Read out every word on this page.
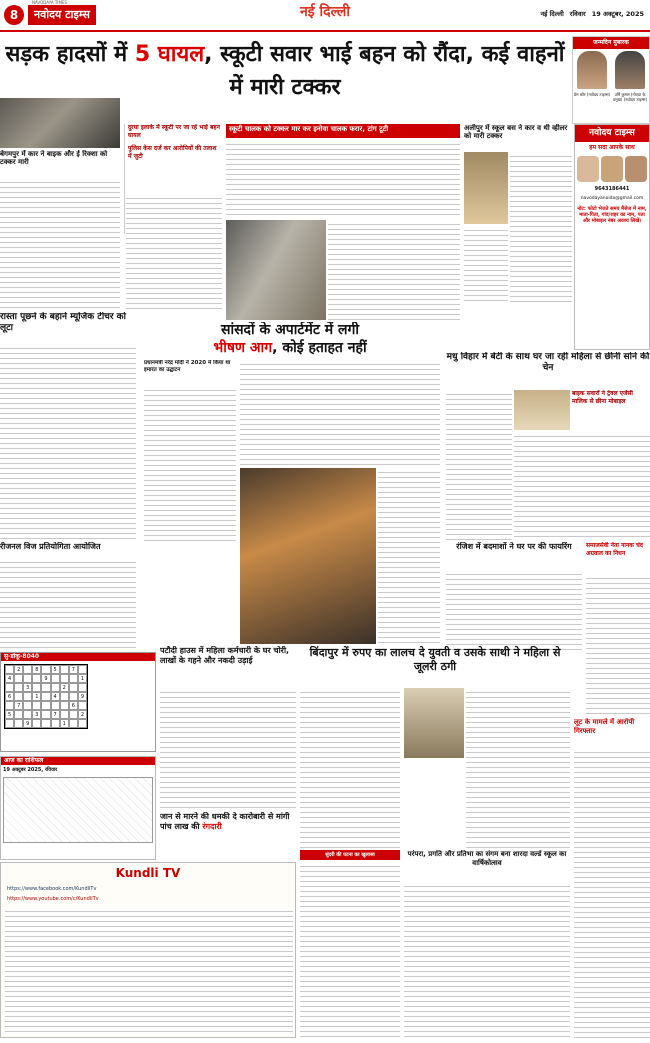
8
NAVODAYA TIMES
नवोदय टाइम्स	नई दिल्ली	नई दिल्ली रविवार 19 अक्टूबर, 2025
सड़क हादसों में 5 घायल, स्कूटी सवार भाई बहन को रौंदा, कई वाहनों में मारी टक्कर
जन्मदिन मुबारक
प्रेम कौर (नवोदय टाइम्स)	उर्मि कुमार (नोएडा के प्रमुख) (नवोदय टाइम्स)
बेगमपुर में कार ने बाइक और ई रिक्शा को टक्कर मारी
दुरघा इलाके में स्कूटी पर जा रहे भाई बहन घायल
पुलिस केस दर्ज कर आरोपियों की तलाश में जुटी
स्कूटी चालक को टक्कर मार कर इनोवा चालक फरार, टांग टूटी	अलीपुर में स्कूल बस ने कार व थी व्हीलर को मारी टक्कर	नवोदय टाइम्स
हम सदा आपके साथ
9643186441
navodayanoida@gmail.com
नोट: फोटो भेजते समय मैसेज में नाम, माता-पिता, गांव/शहर का नाम, पता और मोबाइल नंबर अवश्य लिखें।
रास्ता पूछने के बहाने म्यूजिक टीचर को लूटा	सांसदों के अपार्टमेंट में लगी
भीषण आग, कोई हताहत नहीं
प्रधानमंत्री नरेंद्र मोदी ने 2020 में किया था
इमारत का उद्घाटन
मधु विहार में बेटी के साथ घर जा रही महिला से छीनी सोने की चेन
बाइक सवारों ने ट्रेवल एजेंसी मालिक से छीना मोबाइल
रंजिश में बदमाशों ने घर पर की फायरिंग	समाजसेवी नेता नानक चंद अग्रवाल का निधन
रीजनल विज प्रतियोगिता आयोजित
सु-डोकू-8040
2	8	5	7
4	9	1
3	2
6	1	4	9
7	6
5	3	7	2
9	1
पटौदी हाउस में महिला कर्मचारी के घर चोरी, लाखों के गहने और नकदी उड़ाई
बिंदापुर में रुपए का लालच दे युवती व उसके साथी ने महिला से जूलरी ठगी
लूट के मामले में आरोपी गिरफ्तार
आज का राशिफल
19 अक्टूबर 2025, रविवार
Kundli TV
https://www.facebook.com/KundliTv
https://www.youtube.com/c/KundliTv
जान से मारने की धमकी दे कारोबारी से मांगी पांच लाख की रंगदारी
सुंदरी की घटना का खुलासा	परंपरा, प्रगति और प्रतिभा का संगम बना शारदा वर्ल्ड स्कूल का वार्षिकोत्सव
